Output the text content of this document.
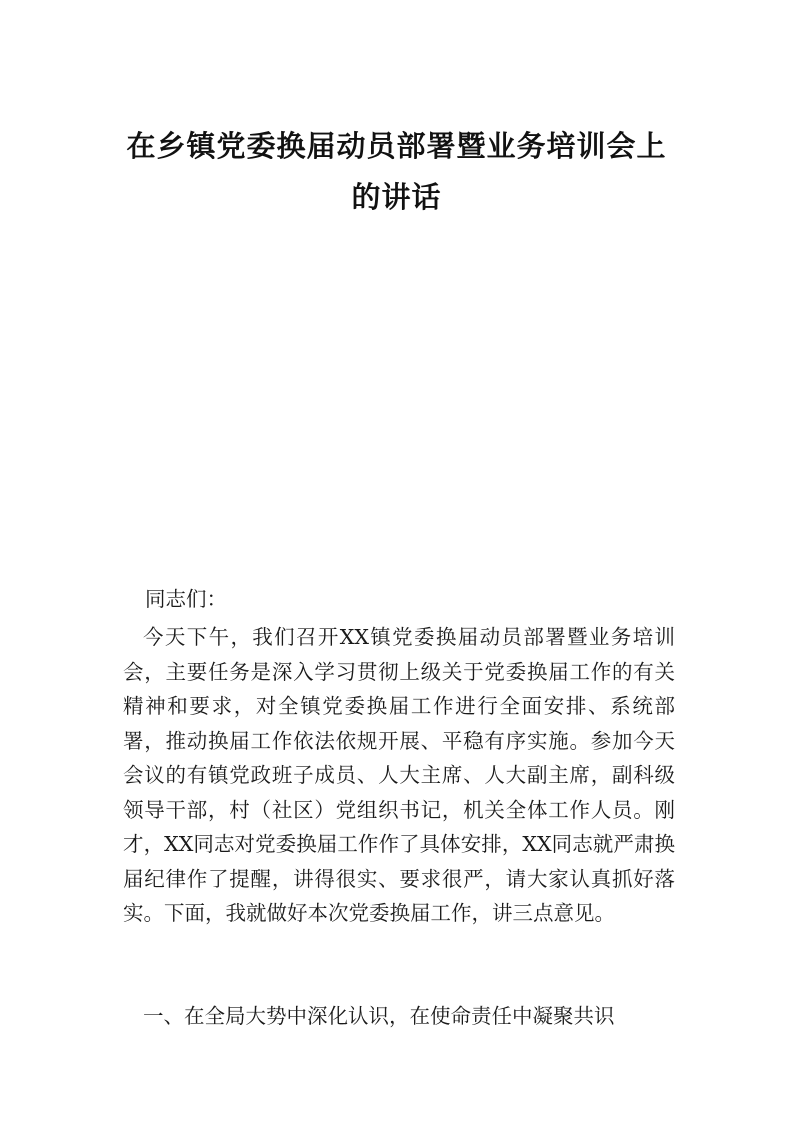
在乡镇党委换届动员部署暨业务培训会上
的讲话
同志们：
今天下午，我们召开XX镇党委换届动员部署暨业务培训会，主要任务是深入学习贯彻上级关于党委换届工作的有关精神和要求，对全镇党委换届工作进行全面安排、系统部署，推动换届工作依法依规开展、平稳有序实施。参加今天会议的有镇党政班子成员、人大主席、人大副主席，副科级领导干部，村（社区）党组织书记，机关全体工作人员。刚才，XX同志对党委换届工作作了具体安排，XX同志就严肃换届纪律作了提醒，讲得很实、要求很严，请大家认真抓好落实。下面，我就做好本次党委换届工作，讲三点意见。
一、在全局大势中深化认识，在使命责任中凝聚共识
